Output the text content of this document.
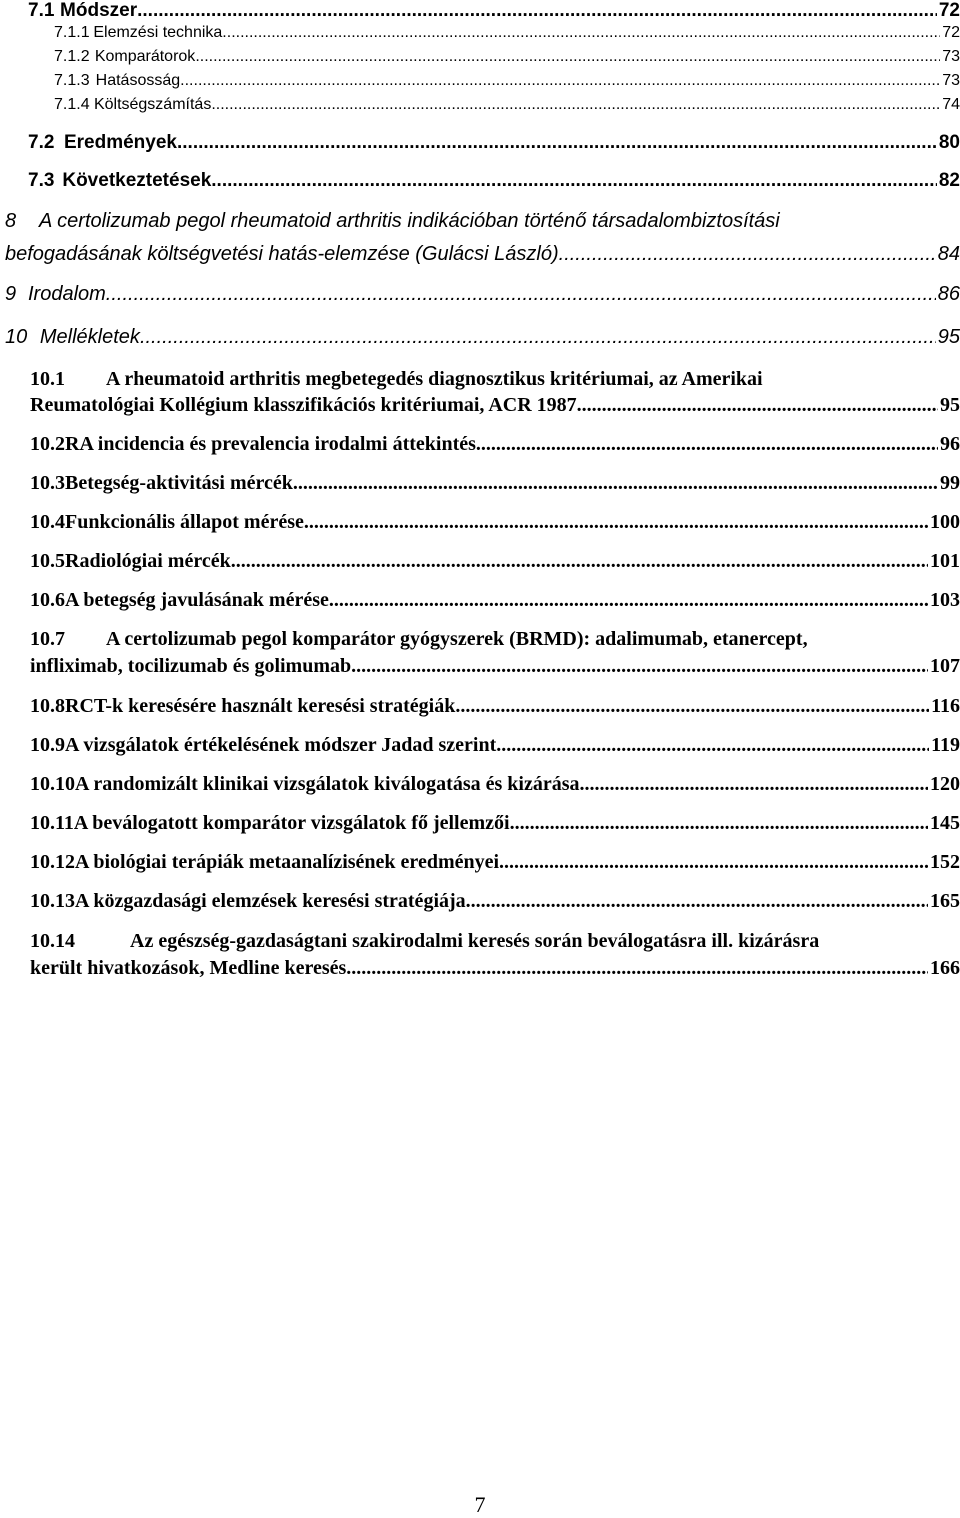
7.1 Módszer .....	72
7.1.1 Elemzési technika .....	72
7.1.2 Komparátorok .....	73
7.1.3 Hatásosság .....	73
7.1.4 Költségszámítás .....	74
7.2 Eredmények .....	80
7.3 Következtetések .....	82
8 A certolizumab pegol rheumatoid arthritis indikációban történő társadalombiztosítási
befogadásának költségvetési hatás-elemzése (Gulácsi László) .....	84
9 Irodalom .....	86
10 Mellékletek .....	95
10.1 A rheumatoid arthritis megbetegedés diagnosztikus kritériumai, az Amerikai
Reumatológiai Kollégium klasszifikációs kritériumai, ACR 1987 .....	95
10.2 RA incidencia és prevalencia irodalmi áttekintés .....	96
10.3 Betegség-aktivitási mércék .....	99
10.4 Funkcionális állapot mérése .....	100
10.5 Radiológiai mércék .....	101
10.6 A betegség javulásának mérése .....	103
10.7 A certolizumab pegol komparátor gyógyszerek (BRMD): adalimumab, etanercept,
infliximab, tocilizumab és golimumab .....	107
10.8 RCT-k keresésére használt keresési stratégiák .....	116
10.9 A vizsgálatok értékelésének módszer Jadad szerint .....	119
10.10 A randomizált klinikai vizsgálatok kiválogatása és kizárása .....	120
10.11 A beválogatott komparátor vizsgálatok fő jellemzői .....	145
10.12 A biológiai terápiák metaanalízisének eredményei .....	152
10.13 A közgazdasági elemzések keresési stratégiája .....	165
10.14	Az egészség-gazdaságtani szakirodalmi keresés során beválogatásra ill. kizárásra
került hivatkozások, Medline keresés .....	166
7
